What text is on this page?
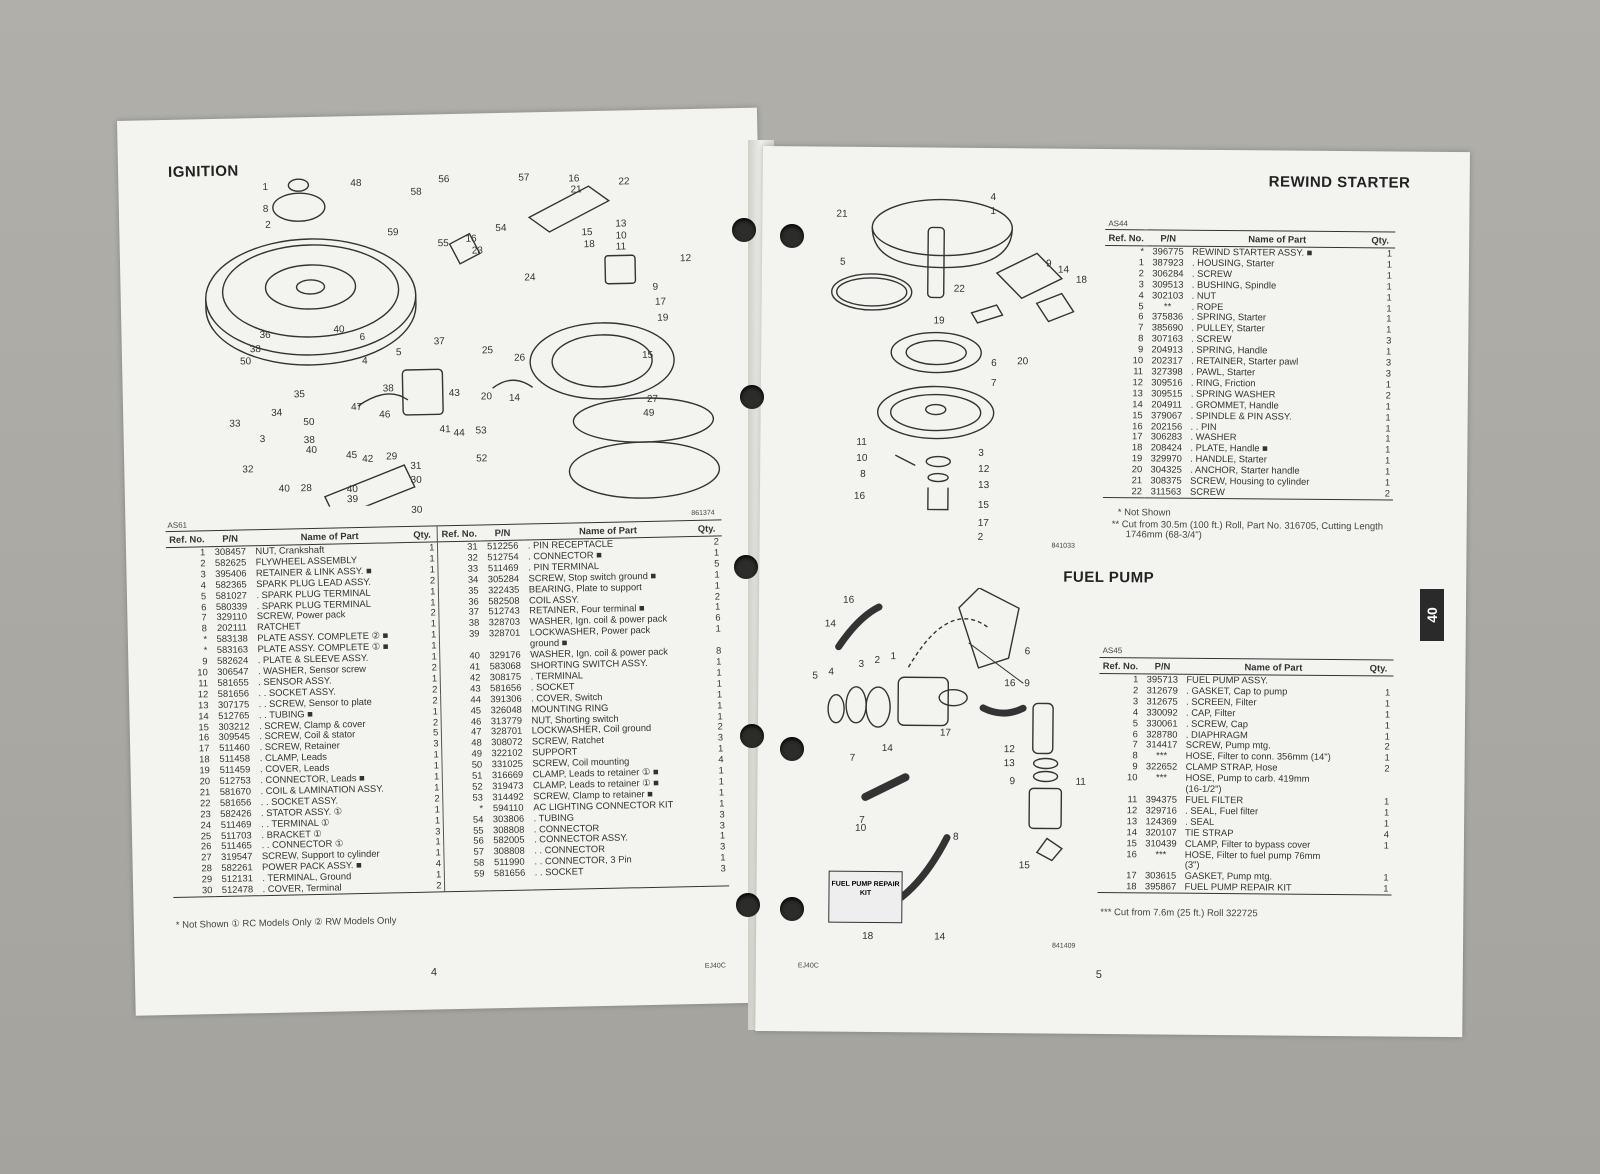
IGNITION
1	48
8
2
58
56	57	16
21
22
59	54
55 16
23
13
10
11
15
18
12
24
9
17
19
36	40
6
5
38
4
50
37
25
26	15
35
38
34
47
46
43 20 14	27
49
3
50
38
33
40	45 42 29
41 44 53
52
32
40 28
31
30
40
39
30
AS61
861374
Ref. No.	P/N	Name of Part	Qty.	Ref. No.	P/N	Name of Part	Qty.
1	308457	NUT, Crankshaft	1	31	512256	. PIN RECEPTACLE	2
2	582625	FLYWHEEL ASSEMBLY	1	32	512754	. CONNECTOR ■	1
3	395406	RETAINER & LINK ASSY. ■	1	33	511469	. PIN TERMINAL	5
4	582365	SPARK PLUG LEAD ASSY.	2	34	305284	SCREW, Stop switch ground ■	1
5	581027	. SPARK PLUG TERMINAL	1	35	322435	BEARING, Plate to support	1
6	580339	. SPARK PLUG TERMINAL	1	36	582508	COIL ASSY.	2
7	329110	SCREW, Power pack	2	37	512743	RETAINER, Four terminal ■	1
8	202111	RATCHET	1	38	328703	WASHER, Ign. coil & power pack	6
*	583138	PLATE ASSY. COMPLETE ② ■	1	39	328701	LOCKWASHER, Power pack	1
*	583163	PLATE ASSY. COMPLETE ① ■	1			ground ■	
9	582624	. PLATE & SLEEVE ASSY.	1	40	329176	WASHER, Ign. coil & power pack	8
10	306547	. WASHER, Sensor screw	2	41	583068	SHORTING SWITCH ASSY.	1
11	581655	. SENSOR ASSY.	1	42	308175	. TERMINAL	1
12	581656	. . SOCKET ASSY.	2	43	581656	. SOCKET	1
13	307175	. . SCREW, Sensor to plate	2	44	391306	. COVER, Switch	1
14	512765	. . TUBING ■	1	45	326048	MOUNTING RING	1
15	303212	. SCREW, Clamp & cover	2	46	313779	NUT, Shorting switch	1
16	309545	. SCREW, Coil & stator	5	47	328701	LOCKWASHER, Coil ground	2
17	511460	. SCREW, Retainer	3	48	308072	SCREW, Ratchet	3
18	511458	. CLAMP, Leads	1	49	322102	SUPPORT	1
19	511459	. COVER, Leads	1	50	331025	SCREW, Coil mounting	4
20	512753	. CONNECTOR, Leads ■	1	51	316669	CLAMP, Leads to retainer ① ■	1
21	581670	. COIL & LAMINATION ASSY.	1	52	319473	CLAMP, Leads to retainer ① ■	1
22	581656	. . SOCKET ASSY.	2	53	314492	SCREW, Clamp to retainer ■	1
23	582426	. STATOR ASSY. ①	1	*	594110	AC LIGHTING CONNECTOR KIT	1
24	511469	. . TERMINAL ①	1	54	303806	. TUBING	3
25	511703	. BRACKET ①	3	55	308808	. CONNECTOR	3
26	511465	. . CONNECTOR ①	1	56	582005	. CONNECTOR ASSY.	1
27	319547	SCREW, Support to cylinder	1	57	308808	. . CONNECTOR	3
28	582261	POWER PACK ASSY. ■	4	58	511990	. . CONNECTOR, 3 Pin	1
29	512131	. TERMINAL, Ground	1	59	581656	. . SOCKET	3
30	512478	. COVER, Terminal	2				
* Not Shown ① RC Models Only ② RW Models Only
4
EJ40C
REWIND STARTER
4
1
21
5
22
9
14
18
19
20
6
7
11
10
8
16
3
12
13
15
17
2
841033
AS44
Ref. No.	P/N	Name of Part	Qty.
*	396775	REWIND STARTER ASSY. ■	1
1	387923	. HOUSING, Starter	1
2	306284	. SCREW	1
3	309513	. BUSHING, Spindle	1
4	302103	. NUT	1
5	**	. ROPE	1
6	375836	. SPRING, Starter	1
7	385690	. PULLEY, Starter	1
8	307163	. SCREW	3
9	204913	. SPRING, Handle	1
10	202317	. RETAINER, Starter pawl	3
11	327398	. PAWL, Starter	3
12	309516	. RING, Friction	1
13	309515	. SPRING WASHER	2
14	204911	. GROMMET, Handle	1
15	379067	. SPINDLE & PIN ASSY.	1
16	202156	. . PIN	1
17	306283	. WASHER	1
18	208424	. PLATE, Handle ■	1
19	329970	. HANDLE, Starter	1
20	304325	. ANCHOR, Starter handle	1
21	308375	SCREW, Housing to cylinder	1
22	311563	SCREW	2
* Not Shown
** Cut from 30.5m (100 ft.) Roll, Part No. 316705, Cutting Length
1746mm (68-3/4")
FUEL PUMP
FUEL PUMP REPAIR KIT
16
14
6
5 4
3 2 1
16 9
7
14
17
12
13
11
9
7
10
8
15
18	14
841409
AS45
Ref. No.	P/N	Name of Part	Qty.
1	395713	FUEL PUMP ASSY.	
2	312679	. GASKET, Cap to pump	1
3	312675	. SCREEN, Filter	1
4	330092	. CAP, Filter	1
5	330061	. SCREW, Cap	1
6	328780	. DIAPHRAGM	1
7	314417	SCREW, Pump mtg.	2
8	***	HOSE, Filter to conn. 356mm (14")	1
9	322652	CLAMP STRAP, Hose	2
10	***	HOSE, Pump to carb. 419mm	
		(16-1/2")	
11	394375	FUEL FILTER	1
12	329716	. SEAL, Fuel filter	1
13	124369	. SEAL	1
14	320107	TIE STRAP	4
15	310439	CLAMP, Filter to bypass cover	1
16	***	HOSE, Filter to fuel pump 76mm	
		(3")	
17	303615	GASKET, Pump mtg.	1
18	395867	FUEL PUMP REPAIR KIT	1
*** Cut from 7.6m (25 ft.) Roll 322725
5
EJ40C
40
